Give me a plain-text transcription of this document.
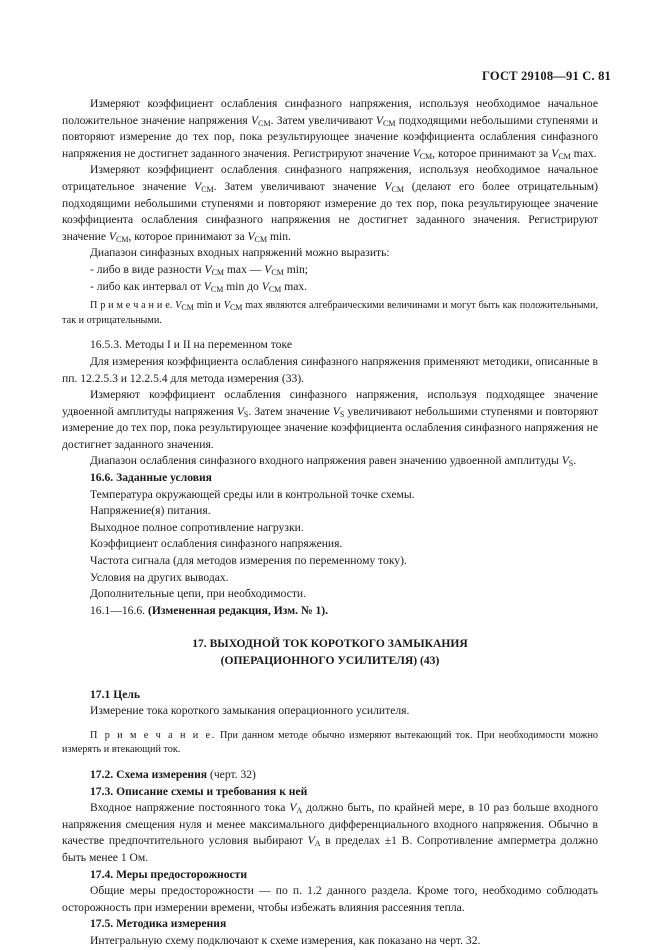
ГОСТ 29108—91 С. 81

Измеряют коэффициент ослабления синфазного напряжения, используя необходимое начальное положительное значение напряжения $V_{СМ}$. Затем увеличивают $V_{СМ}$ подходящими небольшими ступенями и повторяют измерение до тех пор, пока результирующее значение коэффициента ослабления синфазного напряжения не достигнет заданного значения. Регистрируют значение $V_{СМ}$, которое принимают за $V_{СМ}$ max.

Измеряют коэффициент ослабления синфазного напряжения, используя необходимое начальное отрицательное значение $V_{СМ}$. Затем увеличивают значение $V_{СМ}$ (делают его более отрицательным) подходящими небольшими ступенями и повторяют измерение до тех пор, пока результирующее значение коэффициента ослабления синфазного напряжения не достигнет заданного значения. Регистрируют значение $V_{СМ}$, которое принимают за $V_{СМ}$ min.

Диапазон синфазных входных напряжений можно выразить:

- либо в виде разности $V_{СМ}$ max — $V_{СМ}$ min;

- либо как интервал от $V_{СМ}$ min до $V_{СМ}$ max.

П р и м е ч а н и е. $V_{СМ}$ min и $V_{СМ}$ max являются алгебраическими величинами и могут быть как положительными, так и отрицательными.

16.5.3. Методы I и II на переменном токе

Для измерения коэффициента ослабления синфазного напряжения применяют методики, описанные в пп. 12.2.5.3 и 12.2.5.4 для метода измерения (33).

Измеряют коэффициент ослабления синфазного напряжения, используя подходящее значение удвоенной амплитуды напряжения $V_S$. Затем значение $V_S$ увеличивают небольшими ступенями и повторяют измерение до тех пор, пока результирующее значение коэффициента ослабления синфазного напряжения не достигнет заданного значения.

Диапазон ослабления синфазного входного напряжения равен значению удвоенной амплитуды $V_S$.

16.6. Заданные условия

Температура окружающей среды или в контрольной точке схемы.

Напряжение(я) питания.

Выходное полное сопротивление нагрузки.

Коэффициент ослабления синфазного напряжения.

Частота сигнала (для методов измерения по переменному току).

Условия на других выводах.

Дополнительные цепи, при необходимости.

16.1—16.6. (Измененная редакция, Изм. № 1).

17. ВЫХОДНОЙ ТОК КОРОТКОГО ЗАМЫКАНИЯ

(ОПЕРАЦИОННОГО УСИЛИТЕЛЯ) (43)

17.1 Цель

Измерение тока короткого замыкания операционного усилителя.

П р и м е ч а н и е. При данном методе обычно измеряют вытекающий ток. При необходимости можно измерять и втекающий ток.

17.2. Схема измерения (черт. 32)

17.3. Описание схемы и требования к ней

Входное напряжение постоянного тока $V_A$ должно быть, по крайней мере, в 10 раз больше входного напряжения смещения нуля и менее максимального дифференциального входного напряжения. Обычно в качестве предпочтительного условия выбирают $V_A$ в пределах ±1 В. Сопротивление амперметра должно быть менее 1 Ом.

17.4. Меры предосторожности

Общие меры предосторожности — по п. 1.2 данного раздела. Кроме того, необходимо соблюдать осторожность при измерении времени, чтобы избежать влияния рассеяния тепла.

17.5. Методика измерения

Интегральную схему подключают к схеме измерения, как показано на черт. 32.
